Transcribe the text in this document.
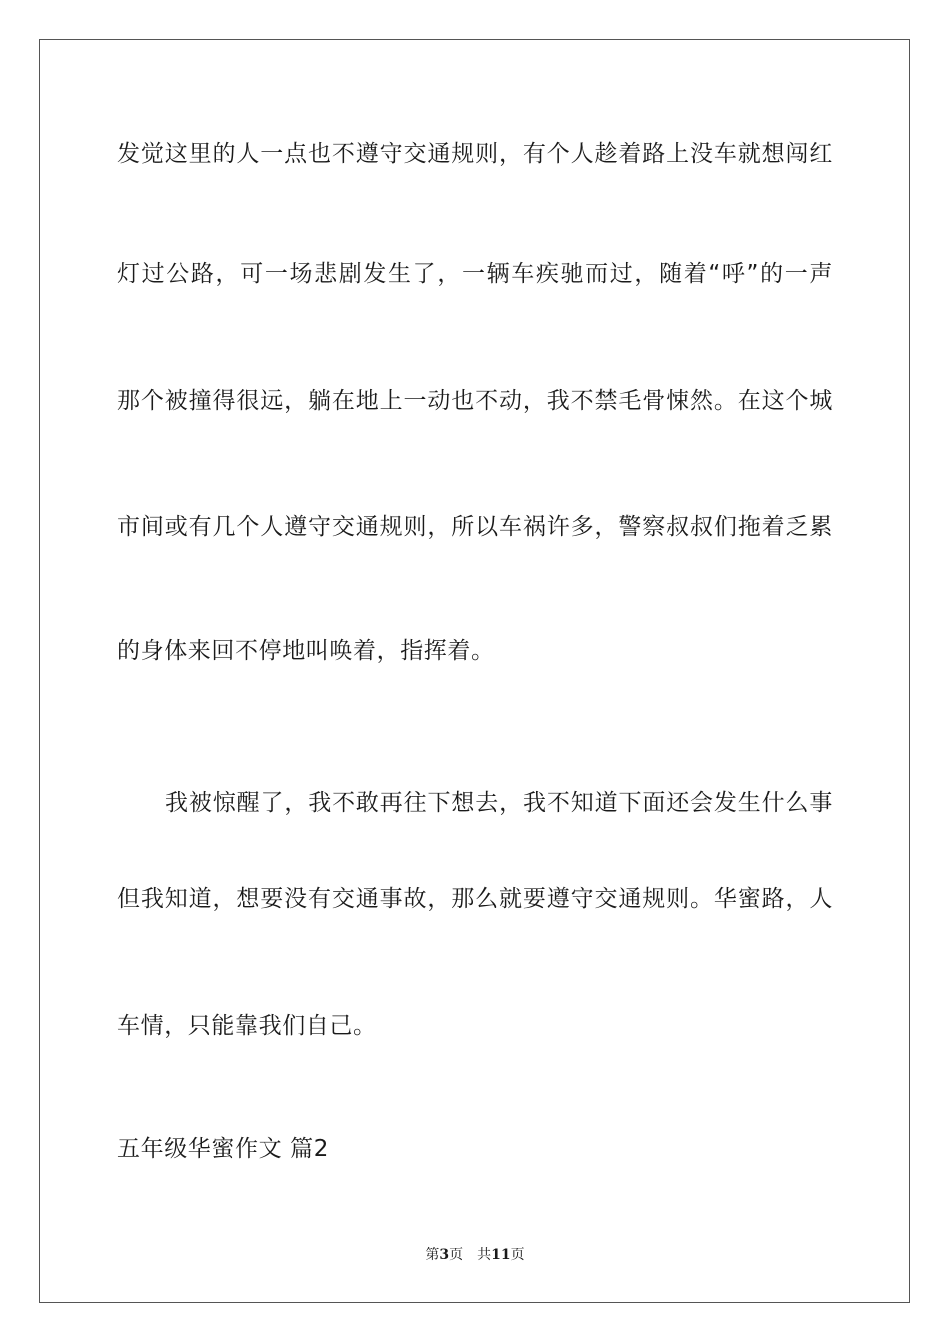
发觉这里的人一点也不遵守交通规则，有个人趁着路上没车就想闯红
灯过公路，可一场悲剧发生了，一辆车疾驰而过，随着“呼”的一声
那个被撞得很远，躺在地上一动也不动，我不禁毛骨悚然。在这个城
市间或有几个人遵守交通规则，所以车祸许多，警察叔叔们拖着乏累
的身体来回不停地叫唤着，指挥着。
我被惊醒了，我不敢再往下想去，我不知道下面还会发生什么事
但我知道，想要没有交通事故，那么就要遵守交通规则。华蜜路，人
车情，只能靠我们自己。
五年级华蜜作文 篇2
第3页 共11页
